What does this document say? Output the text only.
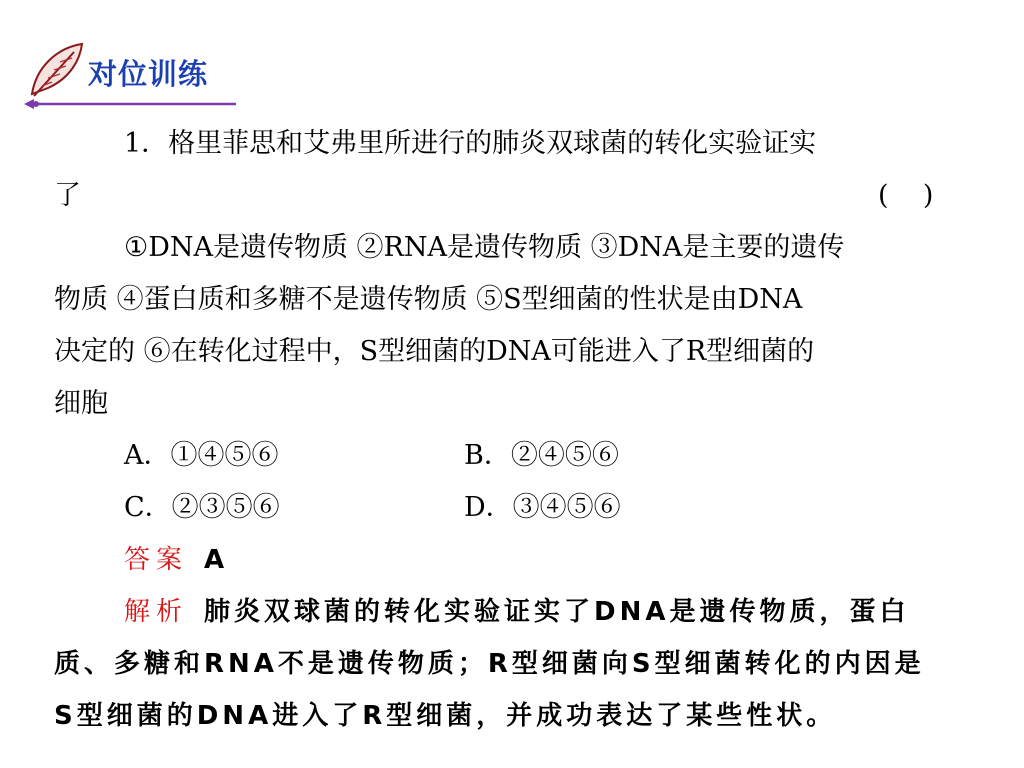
对位训练
1．格里菲思和艾弗里所进行的肺炎双球菌的转化实验证实
了	(    )
①DNA是遗传物质 ②RNA是遗传物质 ③DNA是主要的遗传
物质 ④蛋白质和多糖不是遗传物质 ⑤S型细菌的性状是由DNA
决定的 ⑥在转化过程中，S型细菌的DNA可能进入了R型细菌的
细胞
A．①④⑤⑥	B．②④⑤⑥
C．②③⑤⑥	D．③④⑤⑥
答案 A
解析 肺炎双球菌的转化实验证实了DNA是遗传物质，蛋白
质、多糖和RNA不是遗传物质；R型细菌向S型细菌转化的内因是
S型细菌的DNA进入了R型细菌，并成功表达了某些性状。
